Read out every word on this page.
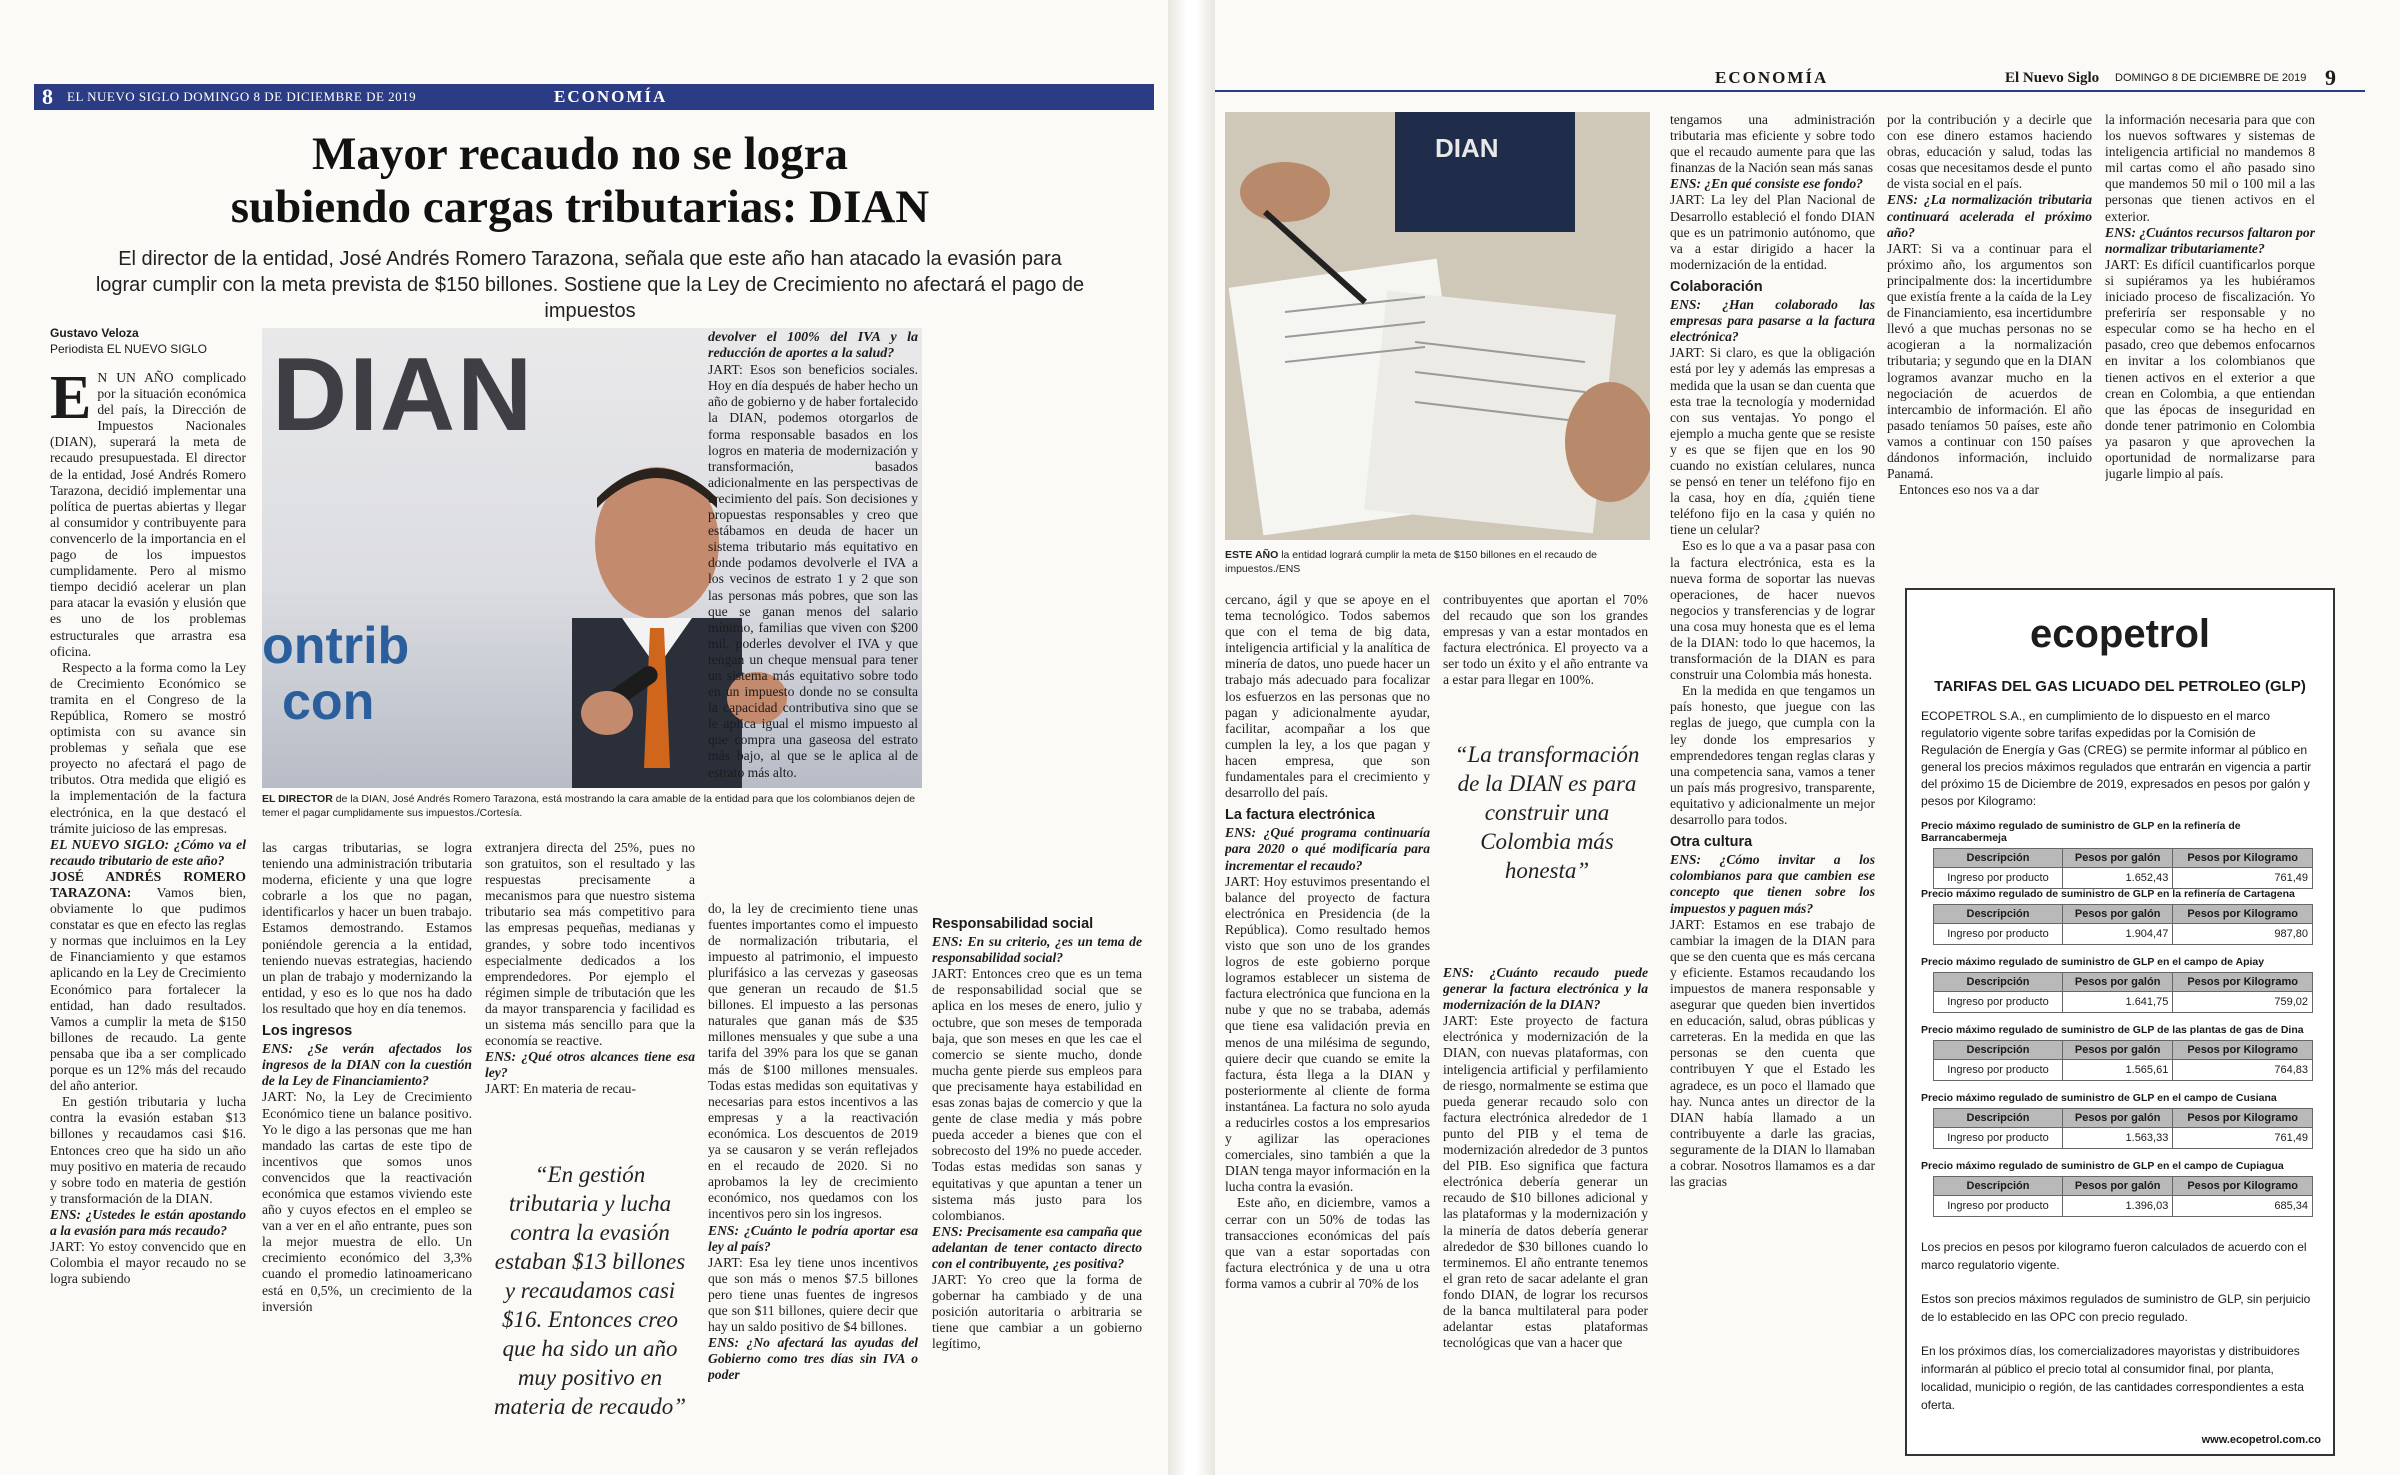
8	EL NUEVO SIGLO DOMINGO 8 DE DICIEMBRE DE 2019	ECONOMÍA
Mayor recaudo no se logra
subiendo cargas tributarias: DIAN
El director de la entidad, José Andrés Romero Tarazona, señala que este año han atacado la evasión para lograr cumplir con la meta prevista de $150 billones. Sostiene que la Ley de Crecimiento no afectará el pago de impuestos
Gustavo Veloza
Periodista EL NUEVO SIGLO

E N UN AÑO complicado por la situación económica del país, la Dirección de Impuestos Nacionales (DIAN), superará la meta de recaudo presupuestada. El director de la entidad, José Andrés Romero Tarazona, decidió implementar una política de puertas abiertas y llegar al consumidor y contribuyente para convencerlo de la importancia en el pago de los impuestos cumplidamente. Pero al mismo tiempo decidió acelerar un plan para atacar la evasión y elusión que es uno de los problemas estructurales que arrastra esa oficina.

Respecto a la forma como la Ley de Crecimiento Económico se tramita en el Congreso de la República, Romero se mostró optimista con su avance sin problemas y señala que ese proyecto no afectará el pago de tributos. Otra medida que eligió es la implementación de la factura electrónica, en la que destacó el trámite juicioso de las empresas.

EL NUEVO SIGLO: ¿Cómo va el recaudo tributario de este año?

JOSÉ ANDRÉS ROMERO TARAZONA: Vamos bien, obviamente lo que pudimos constatar es que en efecto las reglas y normas que incluimos en la Ley de Financiamiento y que estamos aplicando en la Ley de Crecimiento Económico para fortalecer la entidad, han dado resultados. Vamos a cumplir la meta de $150 billones de recaudo. La gente pensaba que iba a ser complicado porque es un 12% más del recaudo del año anterior.

En gestión tributaria y lucha contra la evasión estaban $13 billones y recaudamos casi $16. Entonces creo que ha sido un año muy positivo en materia de recaudo y sobre todo en materia de gestión y transformación de la DIAN.

ENS: ¿Ustedes le están apostando a la evasión para más recaudo?

JART: Yo estoy convencido que en Colombia el mayor recaudo no se logra subiendo

DIAN
ontrib
con
EL DIRECTOR de la DIAN, José Andrés Romero Tarazona, está mostrando la cara amable de la entidad para que los colombianos dejen de temer el pagar cumplidamente sus impuestos./Cortesía.

las cargas tributarias, se logra teniendo una administración tributaria moderna, eficiente y una que logre cobrarle a los que no pagan, identificarlos y hacer un buen trabajo. Estamos demostrando. Estamos poniéndole gerencia a la entidad, teniendo nuevas estrategias, haciendo un plan de trabajo y modernizando la entidad, y eso es lo que nos ha dado los resultado que hoy en día tenemos.

Los ingresos

ENS: ¿Se verán afectados los ingresos de la DIAN con la cuestión de la Ley de Financiamiento?

JART: No, la Ley de Crecimiento Económico tiene un balance positivo. Yo le digo a las personas que me han mandado las cartas de este tipo de incentivos que somos unos convencidos que la reactivación económica que estamos viviendo este año y cuyos efectos en el empleo se van a ver en el año entrante, pues son la mejor muestra de ello. Un crecimiento económico del 3,3% cuando el promedio latinoamericano está en 0,5%, un crecimiento de la inversión

extranjera directa del 25%, pues no son gratuitos, son el resultado y las respuestas precisamente a mecanismos para que nuestro sistema tributario sea más competitivo para las empresas pequeñas, medianas y grandes, y sobre todo incentivos especialmente dedicados a los emprendedores. Por ejemplo el régimen simple de tributación que les da mayor transparencia y facilidad es un sistema más sencillo para que la economía se reactive.

ENS: ¿Qué otros alcances tiene esa ley?

JART: En materia de recau-

“En gestión tributaria y lucha contra la evasión estaban $13 billones y recaudamos casi $16. Entonces creo que ha sido un año muy positivo en materia de recaudo”

devolver el 100% del IVA y la reducción de aportes a la salud?

JART: Esos son beneficios sociales. Hoy en día después de haber hecho un año de gobierno y de haber fortalecido la DIAN, podemos otorgarlos de forma responsable basados en los logros en materia de modernización y transformación, basados adicionalmente en las perspectivas de crecimiento del país. Son decisiones y propuestas responsables y creo que estábamos en deuda de hacer un sistema tributario más equitativo en donde podamos devolverle el IVA a los vecinos de estrato 1 y 2 que son las personas más pobres, que son las que se ganan menos del salario mínimo, familias que viven con $200 mil, poderles devolver el IVA y que tengan un cheque mensual para tener un sistema más equitativo sobre todo en un impuesto donde no se consulta la capacidad contributiva sino que se le aplica igual el mismo impuesto al que compra una gaseosa del estrato más bajo, al que se le aplica al de estrato más alto.

do, la ley de crecimiento tiene unas fuentes importantes como el impuesto de normalización tributaria, el impuesto al patrimonio, el impuesto plurifásico a las cervezas y gaseosas que generan un recaudo de $1.5 billones. El impuesto a las personas naturales que ganan más de $35 millones mensuales y que sube a una tarifa del 39% para los que se ganan más de $100 millones mensuales. Todas estas medidas son equitativas y necesarias para estos incentivos a las empresas y a la reactivación económica. Los descuentos de 2019 ya se causaron y se verán reflejados en el recaudo de 2020. Si no aprobamos la ley de crecimiento económico, nos quedamos con los incentivos pero sin los ingresos.

ENS: ¿Cuánto le podría aportar esa ley al país?

JART: Esa ley tiene unos incentivos que son más o menos $7.5 billones pero tiene unas fuentes de ingresos que son $11 billones, quiere decir que hay un saldo positivo de $4 billones.

ENS: ¿No afectará las ayudas del Gobierno como tres días sin IVA o poder

Responsabilidad social

ENS: En su criterio, ¿es un tema de responsabilidad social?

JART: Entonces creo que es un tema de responsabilidad social que se aplica en los meses de enero, julio y octubre, que son meses de temporada baja, que son meses en que les cae el comercio se siente mucho, donde mucha gente pierde sus empleos para que precisamente haya estabilidad en esas zonas bajas de comercio y que la gente de clase media y más pobre pueda acceder a bienes que con el sobrecosto del 19% no puede acceder. Todas estas medidas son sanas y equitativas y que apuntan a tener un sistema más justo para los colombianos.

ENS: Precisamente esa campaña que adelantan de tener contacto directo con el contribuyente, ¿es positiva?

JART: Yo creo que la forma de gobernar ha cambiado y de una posición autoritaria o arbitraria se tiene que cambiar a un gobierno legítimo,

ECONOMÍA	El Nuevo Siglo DOMINGO 8 DE DICIEMBRE DE 2019 9
DIAN
ESTE AÑO la entidad logrará cumplir la meta de $150 billones en el recaudo de impuestos./ENS

cercano, ágil y que se apoye en el tema tecnológico. Todos sabemos que con el tema de big data, inteligencia artificial y la analítica de minería de datos, uno puede hacer un trabajo más adecuado para focalizar los esfuerzos en las personas que no pagan y adicionalmente ayudar, facilitar, acompañar a los que cumplen la ley, a los que pagan y hacen empresa, que son fundamentales para el crecimiento y desarrollo del país.

La factura electrónica

ENS: ¿Qué programa continuaría para 2020 o qué modificaría para incrementar el recaudo?

JART: Hoy estuvimos presentando el balance del proyecto de factura electrónica en Presidencia (de la República). Como resultado hemos visto que son uno de los grandes logros de este gobierno porque logramos establecer un sistema de factura electrónica que funciona en la nube y que no se trababa, además que tiene esa validación previa en menos de una milésima de segundo, quiere decir que cuando se emite la factura, ésta llega a la DIAN y posteriormente al cliente de forma instantánea. La factura no solo ayuda a reducirles costos a los empresarios y agilizar las operaciones comerciales, sino también a que la DIAN tenga mayor información en la lucha contra la evasión.

Este año, en diciembre, vamos a cerrar con un 50% de todas las transacciones económicas del país que van a estar soportadas con factura electrónica y de una u otra forma vamos a cubrir al 70% de los

contribuyentes que aportan el 70% del recaudo que son los grandes empresas y van a estar montados en factura electrónica. El proyecto va a ser todo un éxito y el año entrante va a estar para llegar en 100%.

“La transformación de la DIAN es para construir una Colombia más honesta”

ENS: ¿Cuánto recaudo puede generar la factura electrónica y la modernización de la DIAN?

JART: Este proyecto de factura electrónica y modernización de la DIAN, con nuevas plataformas, con inteligencia artificial y perfilamiento de riesgo, normalmente se estima que pueda generar recaudo solo con factura electrónica alrededor de 1 punto del PIB y el tema de modernización alrededor de 3 puntos del PIB. Eso significa que factura electrónica debería generar un recaudo de $10 billones adicional y las plataformas y la modernización y la minería de datos debería generar alrededor de $30 billones cuando lo terminemos. El año entrante tenemos el gran reto de sacar adelante el gran fondo DIAN, de lograr los recursos de la banca multilateral para poder adelantar estas plataformas tecnológicas que van a hacer que

tengamos una administración tributaria mas eficiente y sobre todo que el recaudo aumente para que las finanzas de la Nación sean más sanas

ENS: ¿En qué consiste ese fondo?

JART: La ley del Plan Nacional de Desarrollo estableció el fondo DIAN que es un patrimonio autónomo, que va a estar dirigido a hacer la modernización de la entidad.

Colaboración

ENS: ¿Han colaborado las empresas para pasarse a la factura electrónica?

JART: Si claro, es que la obligación está por ley y además las empresas a medida que la usan se dan cuenta que esta trae la tecnología y modernidad con sus ventajas. Yo pongo el ejemplo a mucha gente que se resiste y es que se fijen que en los 90 cuando no existían celulares, nunca se pensó en tener un teléfono fijo en la casa, hoy en día, ¿quién tiene teléfono fijo en la casa y quién no tiene un celular?

Eso es lo que a va a pasar pasa con la factura electrónica, esta es la nueva forma de soportar las nuevas operaciones, de hacer nuevos negocios y transferencias y de lograr una cosa muy honesta que es el lema de la DIAN: todo lo que hacemos, la transformación de la DIAN es para construir una Colombia más honesta.

En la medida en que tengamos un país honesto, que juegue con las reglas de juego, que cumpla con la ley donde los empresarios y emprendedores tengan reglas claras y una competencia sana, vamos a tener un país más progresivo, transparente, equitativo y adicionalmente un mejor desarrollo para todos.

Otra cultura

ENS: ¿Cómo invitar a los colombianos para que cambien ese concepto que tienen sobre los impuestos y paguen más?

JART: Estamos en ese trabajo de cambiar la imagen de la DIAN para que se den cuenta que es más cercana y eficiente. Estamos recaudando los impuestos de manera responsable y asegurar que queden bien invertidos en educación, salud, obras públicas y carreteras. En la medida en que las personas se den cuenta que contribuyen Y que el Estado les agradece, es un poco el llamado que hay. Nunca antes un director de la DIAN había llamado a un contribuyente a darle las gracias, seguramente de la DIAN lo llamaban a cobrar. Nosotros llamamos es a dar las gracias

por la contribución y a decirle que con ese dinero estamos haciendo obras, educación y salud, todas las cosas que necesitamos desde el punto de vista social en el país.

ENS: ¿La normalización tributaria continuará acelerada el próximo año?

JART: Si va a continuar para el próximo año, los argumentos son principalmente dos: la incertidumbre que existía frente a la caída de la Ley de Financiamiento, esa incertidumbre llevó a que muchas personas no se acogieran a la normalización tributaria; y segundo que en la DIAN logramos avanzar mucho en la negociación de acuerdos de intercambio de información. El año pasado teníamos 50 países, este año vamos a continuar con 150 países dándonos información, incluido Panamá.

Entonces eso nos va a dar

la información necesaria para que con los nuevos softwares y sistemas de inteligencia artificial no mandemos 8 mil cartas como el año pasado sino que mandemos 50 mil o 100 mil a las personas que tienen activos en el exterior.

ENS: ¿Cuántos recursos faltaron por normalizar tributariamente?

JART: Es difícil cuantificarlos porque si supiéramos ya les hubiéramos iniciado proceso de fiscalización. Yo preferiría ser responsable y no especular como se ha hecho en el pasado, creo que debemos enfocarnos en invitar a los colombianos que tienen activos en el exterior a que crean en Colombia, a que entiendan que las épocas de inseguridad en donde tener patrimonio en Colombia ya pasaron y que aprovechen la oportunidad de normalizarse para jugarle limpio al país.

ecopetrol
TARIFAS DEL GAS LICUADO DEL PETROLEO (GLP)
ECOPETROL S.A., en cumplimiento de lo dispuesto en el marco regulatorio vigente sobre tarifas expedidas por la Comisión de Regulación de Energía y Gas (CREG) se permite informar al público en general los precios máximos regulados que entrarán en vigencia a partir del próximo 15 de Diciembre de 2019, expresados en pesos por galón y pesos por Kilogramo:
Precio máximo regulado de suministro de GLP en la refinería de Barrancabermeja
Descripción	Pesos por galón	Pesos por Kilogramo
Ingreso por producto	1.652,43	761,49
Precio máximo regulado de suministro de GLP en la refinería de Cartagena
Descripción	Pesos por galón	Pesos por Kilogramo
Ingreso por producto	1.904,47	987,80
Precio máximo regulado de suministro de GLP en el campo de Apiay
Descripción	Pesos por galón	Pesos por Kilogramo
Ingreso por producto	1.641,75	759,02
Precio máximo regulado de suministro de GLP de las plantas de gas de Dina
Descripción	Pesos por galón	Pesos por Kilogramo
Ingreso por producto	1.565,61	764,83
Precio máximo regulado de suministro de GLP en el campo de Cusiana
Descripción	Pesos por galón	Pesos por Kilogramo
Ingreso por producto	1.563,33	761,49
Precio máximo regulado de suministro de GLP en el campo de Cupiagua
Descripción	Pesos por galón	Pesos por Kilogramo
Ingreso por producto	1.396,03	685,34
Los precios en pesos por kilogramo fueron calculados de acuerdo con el marco regulatorio vigente.
Estos son precios máximos regulados de suministro de GLP, sin perjuicio de lo establecido en las OPC con precio regulado.
En los próximos días, los comercializadores mayoristas y distribuidores informarán al público el precio total al consumidor final, por planta, localidad, municipio o región, de las cantidades correspondientes a esta oferta.
www.ecopetrol.com.co
